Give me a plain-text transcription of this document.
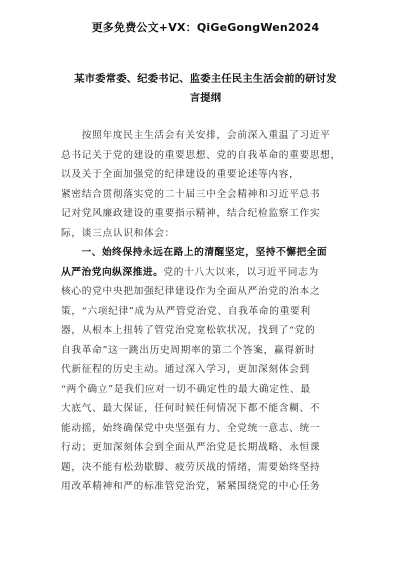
更多免费公文+VX：QiGeGongWen2024
某市委常委、纪委书记、监委主任民主生活会前的研讨发
言提纲
　　按照年度民主生活会有关安排，会前深入重温了习近平
总书记关于党的建设的重要思想、党的自我革命的重要思想，
以及关于全面加强党的纪律建设的重要论述等内容，
紧密结合贯彻落实党的二十届三中全会精神和习近平总书
记对党风廉政建设的重要指示精神，结合纪检监察工作实
际，谈三点认识和体会：
　　一、始终保持永远在路上的清醒坚定，坚持不懈把全面
从严治党向纵深推进。党的十八大以来，以习近平同志为
核心的党中央把加强纪律建设作为全面从严治党的治本之
策，“六项纪律”成为从严管党治党、自我革命的重要利
器，从根本上扭转了管党治党宽松软状况，找到了“党的
自我革命”这一跳出历史周期率的第二个答案，赢得新时
代新征程的历史主动。通过深入学习，更加深刻体会到
“两个确立”是我们应对一切不确定性的最大确定性、最
大底气、最大保证，任何时候任何情况下都不能含糊、不
能动摇，始终确保党中央坚强有力、全党统一意志、统一
行动；更加深刻体会到全面从严治党是长期战略、永恒课
题，决不能有松劲歇脚、疲劳厌战的情绪，需要始终坚持
用改革精神和严的标准管党治党，紧紧围绕党的中心任务
